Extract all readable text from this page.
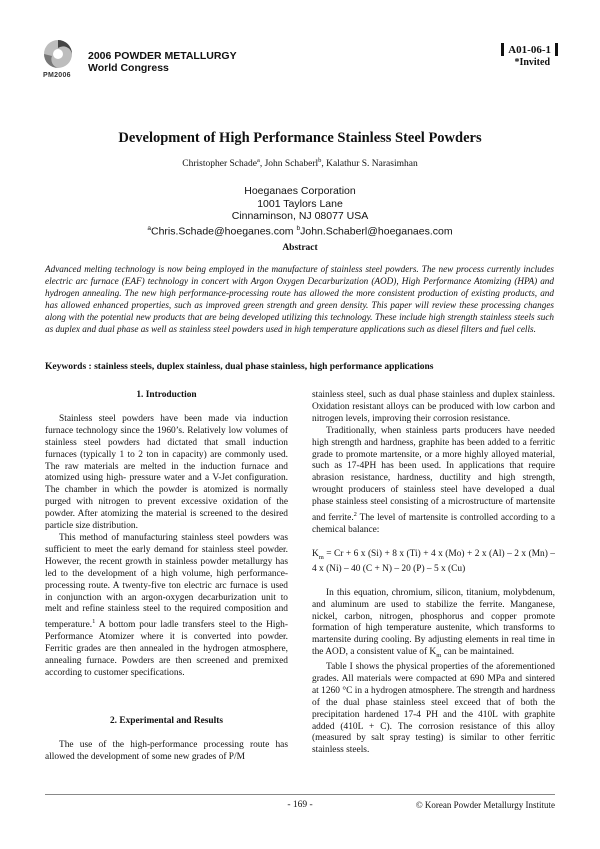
PM2006
2006 POWDER METALLURGY
World Congress
A01-06-1
*Invited
Development of High Performance Stainless Steel Powders
Christopher Schade$^a$, John Schaberl$^b$, Kalathur S. Narasimhan
Hoeganaes Corporation
1001 Taylors Lane
Cinnaminson, NJ 08077 USA
$^a$Chris.Schade@hoeganes.com $^b$John.Schaberl@hoeganaes.com
Abstract
Advanced melting technology is now being employed in the manufacture of stainless steel powders. The new process currently includes electric arc furnace (EAF) technology in concert with Argon Oxygen Decarburization (AOD), High Performance Atomizing (HPA) and hydrogen annealing. The new high performance-processing route has allowed the more consistent production of existing products, and has allowed enhanced properties, such as improved green strength and green density. This paper will review these processing changes along with the potential new products that are being developed utilizing this technology. These include high strength stainless steels such as duplex and dual phase as well as stainless steel powders used in high temperature applications such as diesel filters and fuel cells.
Keywords : stainless steels, duplex stainless, dual phase stainless, high performance applications

1. Introduction

Stainless steel powders have been made via induction furnace technology since the 1960’s. Relatively low volumes of stainless steel powders had dictated that small induction furnaces (typically 1 to 2 ton in capacity) are commonly used. The raw materials are melted in the induction furnace and atomized using high- pressure water and a V-Jet configuration. The chamber in which the powder is atomized is normally purged with nitrogen to prevent excessive oxidation of the powder. After atomizing the material is screened to the desired particle size distribution.

This method of manufacturing stainless steel powders was sufficient to meet the early demand for stainless steel powder. However, the recent growth in stainless powder metallurgy has led to the development of a high volume, high performance-processing route. A twenty-five ton electric arc furnace is used in conjunction with an argon-oxygen decarburization unit to melt and refine stainless steel to the required composition and temperature.$^1$ A bottom pour ladle transfers steel to the High-Performance Atomizer where it is converted into powder. Ferritic grades are then annealed in the hydrogen atmosphere, annealing furnace. Powders are then screened and premixed according to customer specifications.

2. Experimental and Results

The use of the high-performance processing route has allowed the development of some new grades of P/M

stainless steel, such as dual phase stainless and duplex stainless. Oxidation resistant alloys can be produced with low carbon and nitrogen levels, improving their corrosion resistance.

Traditionally, when stainless parts producers have needed high strength and hardness, graphite has been added to a ferritic grade to promote martensite, or a more highly alloyed material, such as 17-4PH has been used. In applications that require abrasion resistance, hardness, ductility and high strength, wrought producers of stainless steel have developed a dual phase stainless steel consisting of a microstructure of martensite and ferrite.$^2$ The level of martensite is controlled according to a chemical balance:

$K_m = Cr + 6$ x (Si) + 8 x (Ti) + 4 x (Mo) + 2 x (Al) – 2 x (Mn) – 4 x (Ni) – 40 (C + N) – 20 (P) – 5 x (Cu)

In this equation, chromium, silicon, titanium, molybdenum, and aluminum are used to stabilize the ferrite. Manganese, nickel, carbon, nitrogen, phosphorus and copper promote formation of high temperature austenite, which transforms to martensite during cooling. By adjusting elements in real time in the AOD, a consistent value of $K_m$ can be maintained.

Table I shows the physical properties of the aforementioned grades. All materials were compacted at 690 MPa and sintered at 1260 °C in a hydrogen atmosphere. The strength and hardness of the dual phase stainless steel exceed that of both the precipitation hardened 17-4 PH and the 410L with graphite added (410L + C). The corrosion resistance of this alloy (measured by salt spray testing) is similar to other ferritic stainless steels.

- 169 -	© Korean Powder Metallurgy Institute
